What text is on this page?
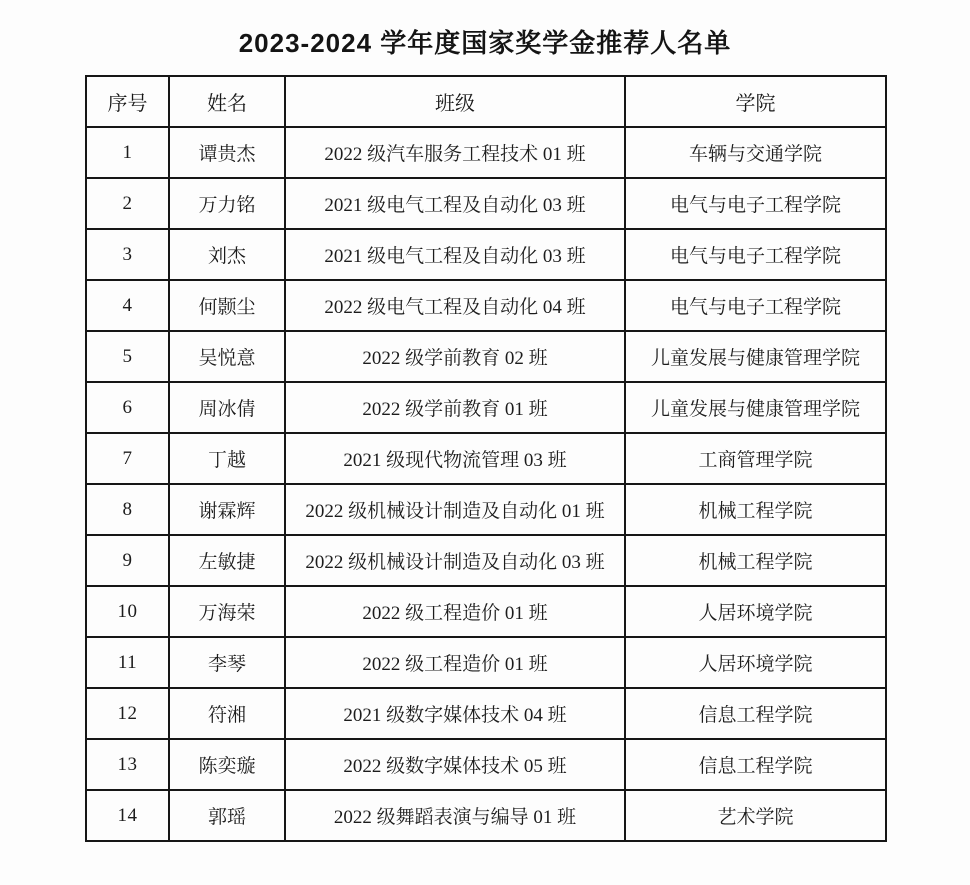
2023-2024 学年度国家奖学金推荐人名单
序号	姓名	班级	学院
1	谭贵杰	2022 级汽车服务工程技术 01 班	车辆与交通学院
2	万力铭	2021 级电气工程及自动化 03 班	电气与电子工程学院
3	刘杰	2021 级电气工程及自动化 03 班	电气与电子工程学院
4	何颢尘	2022 级电气工程及自动化 04 班	电气与电子工程学院
5	吴悦意	2022 级学前教育 02 班	儿童发展与健康管理学院
6	周冰倩	2022 级学前教育 01 班	儿童发展与健康管理学院
7	丁越	2021 级现代物流管理 03 班	工商管理学院
8	谢霖辉	2022 级机械设计制造及自动化 01 班	机械工程学院
9	左敏捷	2022 级机械设计制造及自动化 03 班	机械工程学院
10	万海荣	2022 级工程造价 01 班	人居环境学院
11	李琴	2022 级工程造价 01 班	人居环境学院
12	符湘	2021 级数字媒体技术 04 班	信息工程学院
13	陈奕璇	2022 级数字媒体技术 05 班	信息工程学院
14	郭瑶	2022 级舞蹈表演与编导 01 班	艺术学院
